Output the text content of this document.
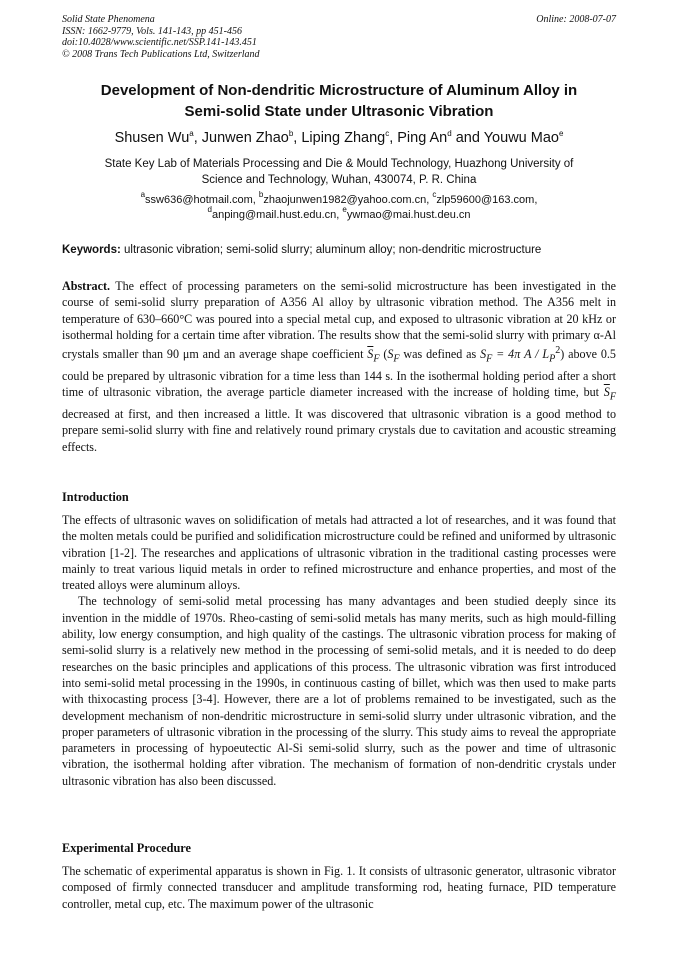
Solid State Phenomena
ISSN: 1662-9779, Vols. 141-143, pp 451-456
doi:10.4028/www.scientific.net/SSP.141-143.451
© 2008 Trans Tech Publications Ltd, Switzerland
Online: 2008-07-07
Development of Non-dendritic Microstructure of Aluminum Alloy in
Semi-solid State under Ultrasonic Vibration
Shusen Wu$^a$, Junwen Zhao$^b$, Liping Zhang$^c$, Ping An$^d$ and Youwu Mao$^e$
State Key Lab of Materials Processing and Die & Mould Technology, Huazhong University of
Science and Technology, Wuhan, 430074, P. R. China
$^a$ssw636@hotmail.com, $^b$zhaojunwen1982@yahoo.com.cn, $^c$zlp59600@163.com,
$^d$anping@mail.hust.edu.cn, $^e$ywmao@mai.hust.deu.cn
Keywords: ultrasonic vibration; semi-solid slurry; aluminum alloy; non-dendritic microstructure
Abstract. The effect of processing parameters on the semi-solid microstructure has been investigated in the course of semi-solid slurry preparation of A356 Al alloy by ultrasonic vibration method. The A356 melt in temperature of 630–660°C was poured into a special metal cup, and exposed to ultrasonic vibration at 20 kHz or isothermal holding for a certain time after vibration. The results show that the semi-solid slurry with primary α-Al crystals smaller than 90 μm and an average shape coefficient $\overline{S}_F$ ($S_F$ was defined as $S_F = 4\pi$ A / $L_P^2$) above 0.5 could be prepared by ultrasonic vibration for a time less than 144 s. In the isothermal holding period after a short time of ultrasonic vibration, the average particle diameter increased with the increase of holding time, but $\overline{S}_F$ decreased at first, and then increased a little. It was discovered that ultrasonic vibration is a good method to prepare semi-solid slurry with fine and relatively round primary crystals due to cavitation and acoustic streaming effects.
Introduction

The effects of ultrasonic waves on solidification of metals had attracted a lot of researches, and it was found that the molten metals could be purified and solidification microstructure could be refined and uniformed by ultrasonic vibration [1-2]. The researches and applications of ultrasonic vibration in the traditional casting processes were mainly to treat various liquid metals in order to refined microstructure and enhance properties, and most of the treated alloys were aluminum alloys.

The technology of semi-solid metal processing has many advantages and been studied deeply since its invention in the middle of 1970s. Rheo-casting of semi-solid metals has many merits, such as high mould-filling ability, low energy consumption, and high quality of the castings. The ultrasonic vibration process for making of semi-solid slurry is a relatively new method in the processing of semi-solid metals, and it is needed to do deep researches on the basic principles and applications of this process. The ultrasonic vibration was first introduced into semi-solid metal processing in the 1990s, in continuous casting of billet, which was then used to make parts with thixocasting process [3-4]. However, there are a lot of problems remained to be investigated, such as the development mechanism of non-dendritic microstructure in semi-solid slurry under ultrasonic vibration, and the proper parameters of ultrasonic vibration in the processing of the slurry. This study aims to reveal the appropriate parameters in processing of hypoeutectic Al-Si semi-solid slurry, such as the power and time of ultrasonic vibration, the isothermal holding after vibration. The mechanism of formation of non-dendritic crystals under ultrasonic vibration has also been discussed.

Experimental Procedure

The schematic of experimental apparatus is shown in Fig. 1. It consists of ultrasonic generator, ultrasonic vibrator composed of firmly connected transducer and amplitude transforming rod, heating furnace, PID temperature controller, metal cup, etc. The maximum power of the ultrasonic
